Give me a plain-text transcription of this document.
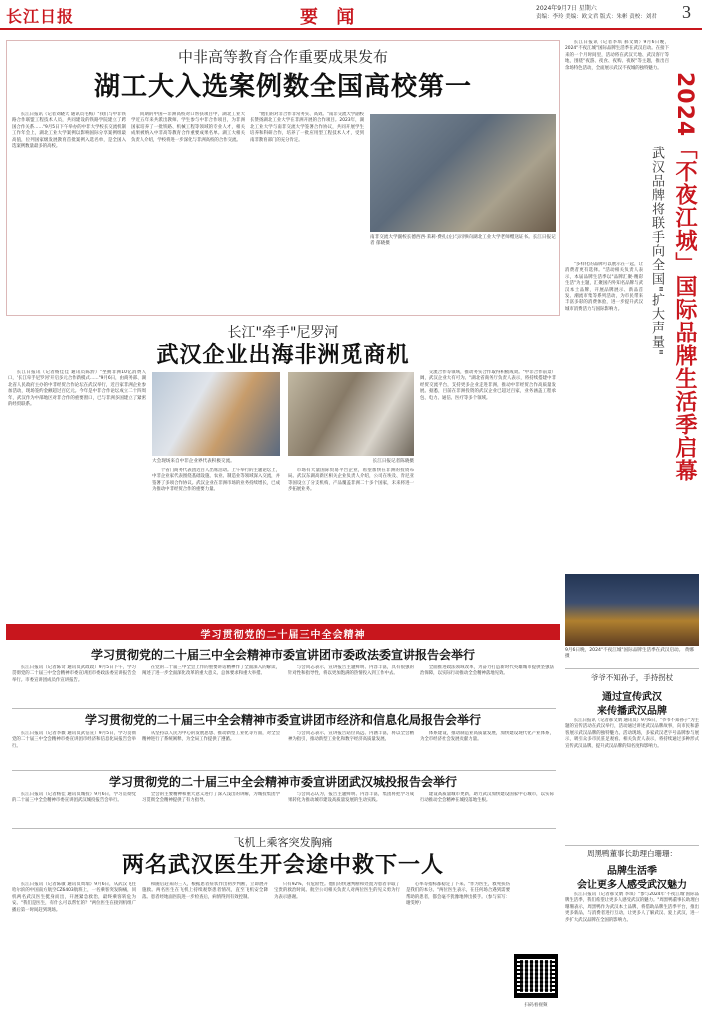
长江日报	要 闻	2024年9月7日 星期六
责编：李玲 美编：欧文君 版式：朱彬 责校：刘君 3
中非高等教育合作重要成果发布
湖工大入选案例数全国高校第一

长江日报讯（记者刘晓天 通讯员毛梅）"我们与中非铁路合作联盟工程技术人员，共同建设的铁路学院建立了跨国合作关系……"9月5日下午举办的中非大学校长交流机制工作年会上，湖北工业大学案例以影响国际分享案例组最高值，位列国家级发展教育首批案例入选名单，是全国入选案例数量最多的高校。

同期的中国—非洲高校对口帮扶项目中，湖北工业大学近五年来共派出教师、学生参与中非合作项目，为非洲国家培养了一批铁路、机械工程等领域的专业人才，相关成果被纳入中非高等教育合作重要成果名单。湖工大相关负责人介绍，学校将进一步深化与非洲高校的合作交流。

"他们的对非合作非常务实、高效。"南非交流大学副校长赞扬湖北工业大学在非洲开展的合作项目。2023年，湖北工业大学与南非交流大学签署合作协议，共同开展学生培养和科研合作，培养了一批应用型工程技术人才，受到南非教育部门的充分肯定。

南非交流大学副校长德西西·茉莉·费扎(左)与同事向湖北工业大学老师赠送证书。长江日报记者 郁晓摄
长江"牵手"尼罗河
武汉企业出海非洲觅商机

长江日报讯（记者杨佳佳 通讯员陈黔）"坐拥非洲10亿消费人口，'长江牵手尼罗河'开启多元合作新模式……"9月6日，由商务部、湖北省人民政府主办的中非经贸合作论坛在武汉举行，近百家非洲企业参加活动，现场签约金额超过百亿元。今年是中非合作论坛成立二十四周年，武汉作为中部地区对非合作的重要窗口，已与非洲多国建立了紧密的经贸联系。

大会现场来自中非企业界代表积极交流。	长江日报记者陈晓摄

个省门商务代表团近百人出席活动。上午举行的主题论坛上，中非企业家代表围绕基础设施、农业、制造业等领域深入交流，并签署了多项合作协议。武汉企业在非洲市场的业务持续增长，已成为推动中非经贸合作的重要力量。

市场有大量国际贸易平台企业，希望加快在非洲的投资布局。武汉东湖高新区相关企业负责人介绍，公司在埃及、肯尼亚等国设立了分支机构，产品覆盖非洲二十多个国家，未来将进一步拓展业务。

交流合作等领域，推动务实合作取得积极成效。"中非合作前景广阔，武汉企业大有可为。"湖北省商务厅负责人表示，将持续搭建中非经贸交流平台，支持更多企业走进非洲，推动中非经贸合作高质量发展。据悉，目前在非洲投资的武汉企业已超过百家，业务涵盖工程承包、电力、通信、医疗等多个领域。

长江日报讯（记者李琪 郝文婧）9月6日晚，2024"不夜江城"国际品牌生活季在武汉启动。在接下来的一个月时间里，活动将在武汉天地、武汉客厅等地，围绕"夜游、夜食、夜购、夜娱"等主题，推出百余场特色活动，全面展示武汉不夜城的独特魅力。

2024「不夜江城」国际品牌生活季启幕
武汉品牌将联手向全国"扩大声量"

"多样化的品牌可以展示在一起，让消费者更有选择。"活动相关负责人表示，本届品牌生活季以"品牌汇聚·精彩生活"为主题，汇聚国内外知名品牌与武汉本土品牌，开展品牌展示、新品首发、潮流市集等系列活动，为市民带来丰富多彩的消费体验，进一步提升武汉城市消费活力与国际影响力。

9月6日晚，2024"不夜江城"国际品牌生活季在武汉启动。 黄娜 摄
学习贯彻党的二十届三中全会精神
学习贯彻党的二十届三中全会精神市委宣讲团市委政法委宣讲报告会举行

长江日报讯（记者陈奇 通讯员武政政）9月5日下午，学习贯彻党的二十届三中全会精神市委宣讲团市委政法委宣讲报告会举行。市委宣讲团成员作宣讲报告。

在党的二十届三中全会上作的重要讲话精神作了全面深入的解读，阐述了进一步全面深化改革的重大意义、总体要求和重大举措。

与会同志表示，宣讲报告主题鲜明、内容丰富，具有很强的针对性和指导性，将以更加饱满的热情投入到工作中去。

全面推进政法领域改革，为奋力打造新时代英雄城市提供坚强法治保障，以实际行动推动全会精神落地见效。

学习贯彻党的二十届三中全会精神市委宣讲团市经济和信息化局报告会举行

长江日报讯（记者李薇 通讯员武信宣）9月5日，学习贯彻党的二十届三中全会精神市委宣讲团市经济和信息化局报告会举行。

从坚持以人民为中心的发展思想、推动新型工业化等方面，对全会精神进行了系统阐释，为全局工作提供了遵循。

与会同志表示，宣讲报告站位高远、内涵丰富，将以全会精神为指引，推动新型工业化和数字经济高质量发展。

体系建设，推动制造业高质量发展，加快建设现代化产业体系，为全市经济社会发展贡献力量。

学习贯彻党的二十届三中全会精神市委宣讲团武汉城投报告会举行

长江日报讯（记者杨佳 通讯员城投）9月6日，学习贯彻党的二十届三中全会精神市委宣讲团武汉城投报告会举行。

全会的主要精神和重大意义进行了深入浅出的讲解，为城投集团学习贯彻全会精神提供了有力指导。

与会同志认为，报告主题鲜明、内容丰富，集团将把学习成果转化为推动城市建设高质量发展的生动实践。

建设高质量城市更新，助力武汉加快建设国家中心城市，以实际行动推动全会精神在城投落地生根。

飞机上乘客突发胸痛
两名武汉医生开会途中救下一人

长江日报讯（记者陈敏 通讯员周瑞）9月6日，从武汉飞往哈尔滨的中国南方航空CZ6403航班上，一名乘客突发胸痛，同机两名武汉医生挺身而出，开展紧急救治，最终乘客转危为安。"我们是医生，有什么可以帮忙的？"两位医生在接到机组广播后第一时间赶到现场。

和随后赶来的三人，根据患者症状作出初步判断，立即展开施救。两名医生在飞机上持续观察患者情况，直至飞机安全降落。患者经地面医院进一步检查后，病情得到有效控制。

只有92%，有危险性。他们的快速判断和处置为患者争取了宝贵的救治时间。航空公司相关负责人对两位医生的见义勇为行为表示感谢。

心率等指标都稳定了下来。"作为医生，救死扶伤是我们的本分。"两位医生表示，在任何场合遇到需要帮助的患者，都会毫不犹豫地伸出援手。（参与采写：谢雯婷）

扫码看视频
爷爷不知孙子，手持拐杖
通过宣传武汉
来传播武汉品牌

长江日报讯（记者郝文婧 通讯员）9月6日，"爷爷不知孙子"为主题的宣传活动在武汉举行，活动通过讲述武汉品牌故事，向市民和游客展示武汉品牌的独特魅力。活动现场，多家武汉老字号品牌参与展示，吸引众多市民驻足观看。相关负责人表示，将持续通过多种形式宣传武汉品牌，提升武汉品牌的知名度和影响力。

周黑鸭董事长助理白珊珊：
品牌生活季
会让更多人感受武汉魅力

长江日报讯（记者郝文婧 李琪）"参与2024年'不夜江城'国际品牌生活季，我们希望让更多人感受武汉的魅力。"周黑鸭董事长助理白珊珊表示，周黑鸭作为武汉本土品牌，将借助品牌生活季平台，推出更多新品，与消费者进行互动，让更多人了解武汉、爱上武汉，进一步扩大武汉品牌在全国的影响力。
